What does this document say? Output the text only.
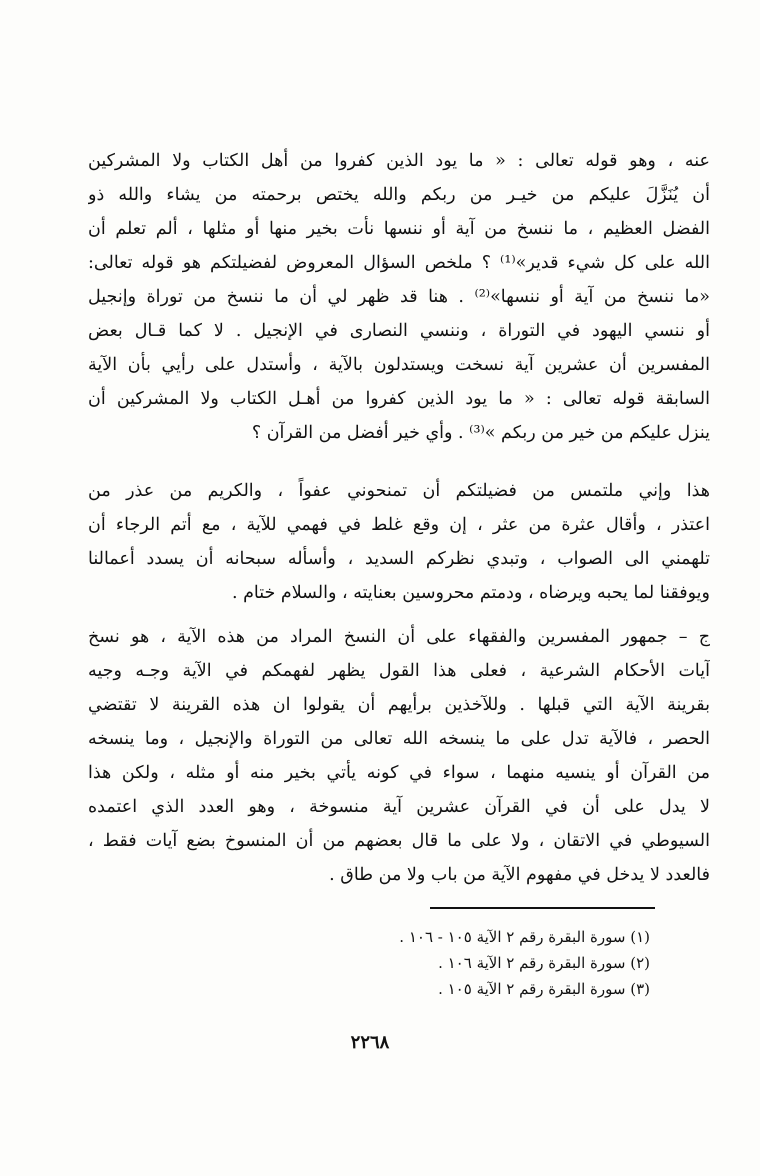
عنه ، وهو قوله تعالى : « ما يود الذين كفروا من أهل الكتاب ولا المشركين
أن يُنَزَّلَ عليكم من خيـر من ربكم والله يختص برحمته من يشاء والله ذو
الفضل العظيم ، ما ننسخ من آية أو ننسها نأت بخير منها أو مثلها ، ألم تعلم أن
الله على كل شيء قدير»⁽¹⁾ ؟ ملخص السؤال المعروض لفضيلتكم هو قوله تعالى:
«ما ننسخ من آية أو ننسها»⁽²⁾ . هنا قد ظهر لي أن ما ننسخ من توراة وإنجيل
أو ننسي اليهود في التوراة ، وننسي النصارى في الإنجيل . لا كما قـال بعض
المفسرين أن عشرين آية نسخت ويستدلون بالآية ، وأستدل على رأيي بأن الآية
السابقة قوله تعالى : « ما يود الذين كفروا من أهـل الكتاب ولا المشركين أن
ينزل عليكم من خير من ربكم »⁽³⁾ . وأي خير أفضل من القرآن ؟
هذا وإني ملتمس من فضيلتكم أن تمنحوني عفواً ، والكريم من عذر من
اعتذر ، وأقال عثرة من عثر ، إن وقع غلط في فهمي للآية ، مع أتم الرجاء أن
تلهمني الى الصواب ، وتبدي نظركم السديد ، وأسأله سبحانه أن يسدد أعمالنا
ويوفقنا لما يحبه ويرضاه ، ودمتم محروسين بعنايته ، والسلام ختام .
ج – جمهور المفسرين والفقهاء على أن النسخ المراد من هذه الآية ، هو نسخ
آيات الأحكام الشرعية ، فعلى هذا القول يظهر لفهمكم في الآية وجـه وجيه
بقرينة الآية التي قبلها . وللآخذين برأيهم أن يقولوا ان هذه القرينة لا تقتضي
الحصر ، فالآية تدل على ما ينسخه الله تعالى من التوراة والإنجيل ، وما ينسخه
من القرآن أو ينسيه منهما ، سواء في كونه يأتي بخير منه أو مثله ، ولكن هذا
لا يدل على أن في القرآن عشرين آية منسوخة ، وهو العدد الذي اعتمده
السيوطي في الاتقان ، ولا على ما قال بعضهم من أن المنسوخ بضع آيات فقط ،
فالعدد لا يدخل في مفهوم الآية من باب ولا من طاق .
(١) سورة البقرة رقم ٢ الآية ١٠٥ - ١٠٦ .
(٢) سورة البقرة رقم ٢ الآية ١٠٦ .
(٣) سورة البقرة رقم ٢ الآية ١٠٥ .
٢٢٦٨
